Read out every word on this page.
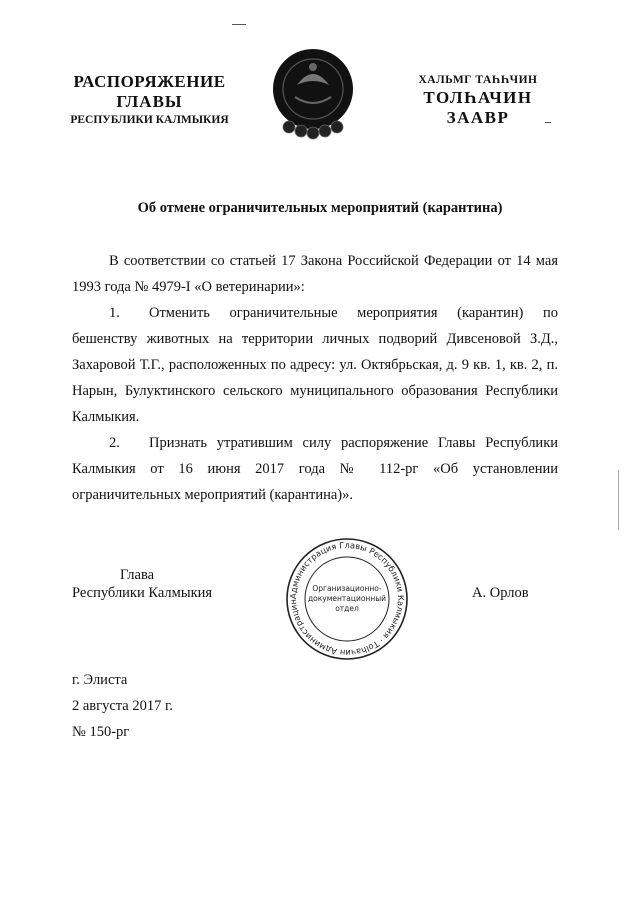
РАСПОРЯЖЕНИЕ
ГЛАВЫ
РЕСПУБЛИКИ КАЛМЫКИЯ
ХАЛЬМГ ТАҺҺЧИН
ТОЛҺАЧИН
ЗААВР
Об отмене ограничительных мероприятий (карантина)

В соответствии со статьей 17 Закона Российской Федерации от 14 мая 1993 года № 4979-I «О ветеринарии»:

1. Отменить ограничительные мероприятия (карантин) по бешенству животных на территории личных подворий Дивсеновой З.Д., Захаровой Т.Г., расположенных по адресу: ул. Октябрьская, д. 9 кв. 1, кв. 2, п. Нарын, Булуктинского сельского муниципального образования Республики Калмыкия.

2. Признать утратившим силу распоряжение Главы Республики Калмыкия от 16 июня 2017 года № 112-рг «Об установлении ограничительных мероприятий (карантина)».

Глава
Республики Калмыкия	Администрация Главы Республики Калмыкия · Тоlhачин Администрацин
Организационно-
документационный
отдел
А. Орлов
г. Элиста
2 августа 2017 г.
№ 150-рг
